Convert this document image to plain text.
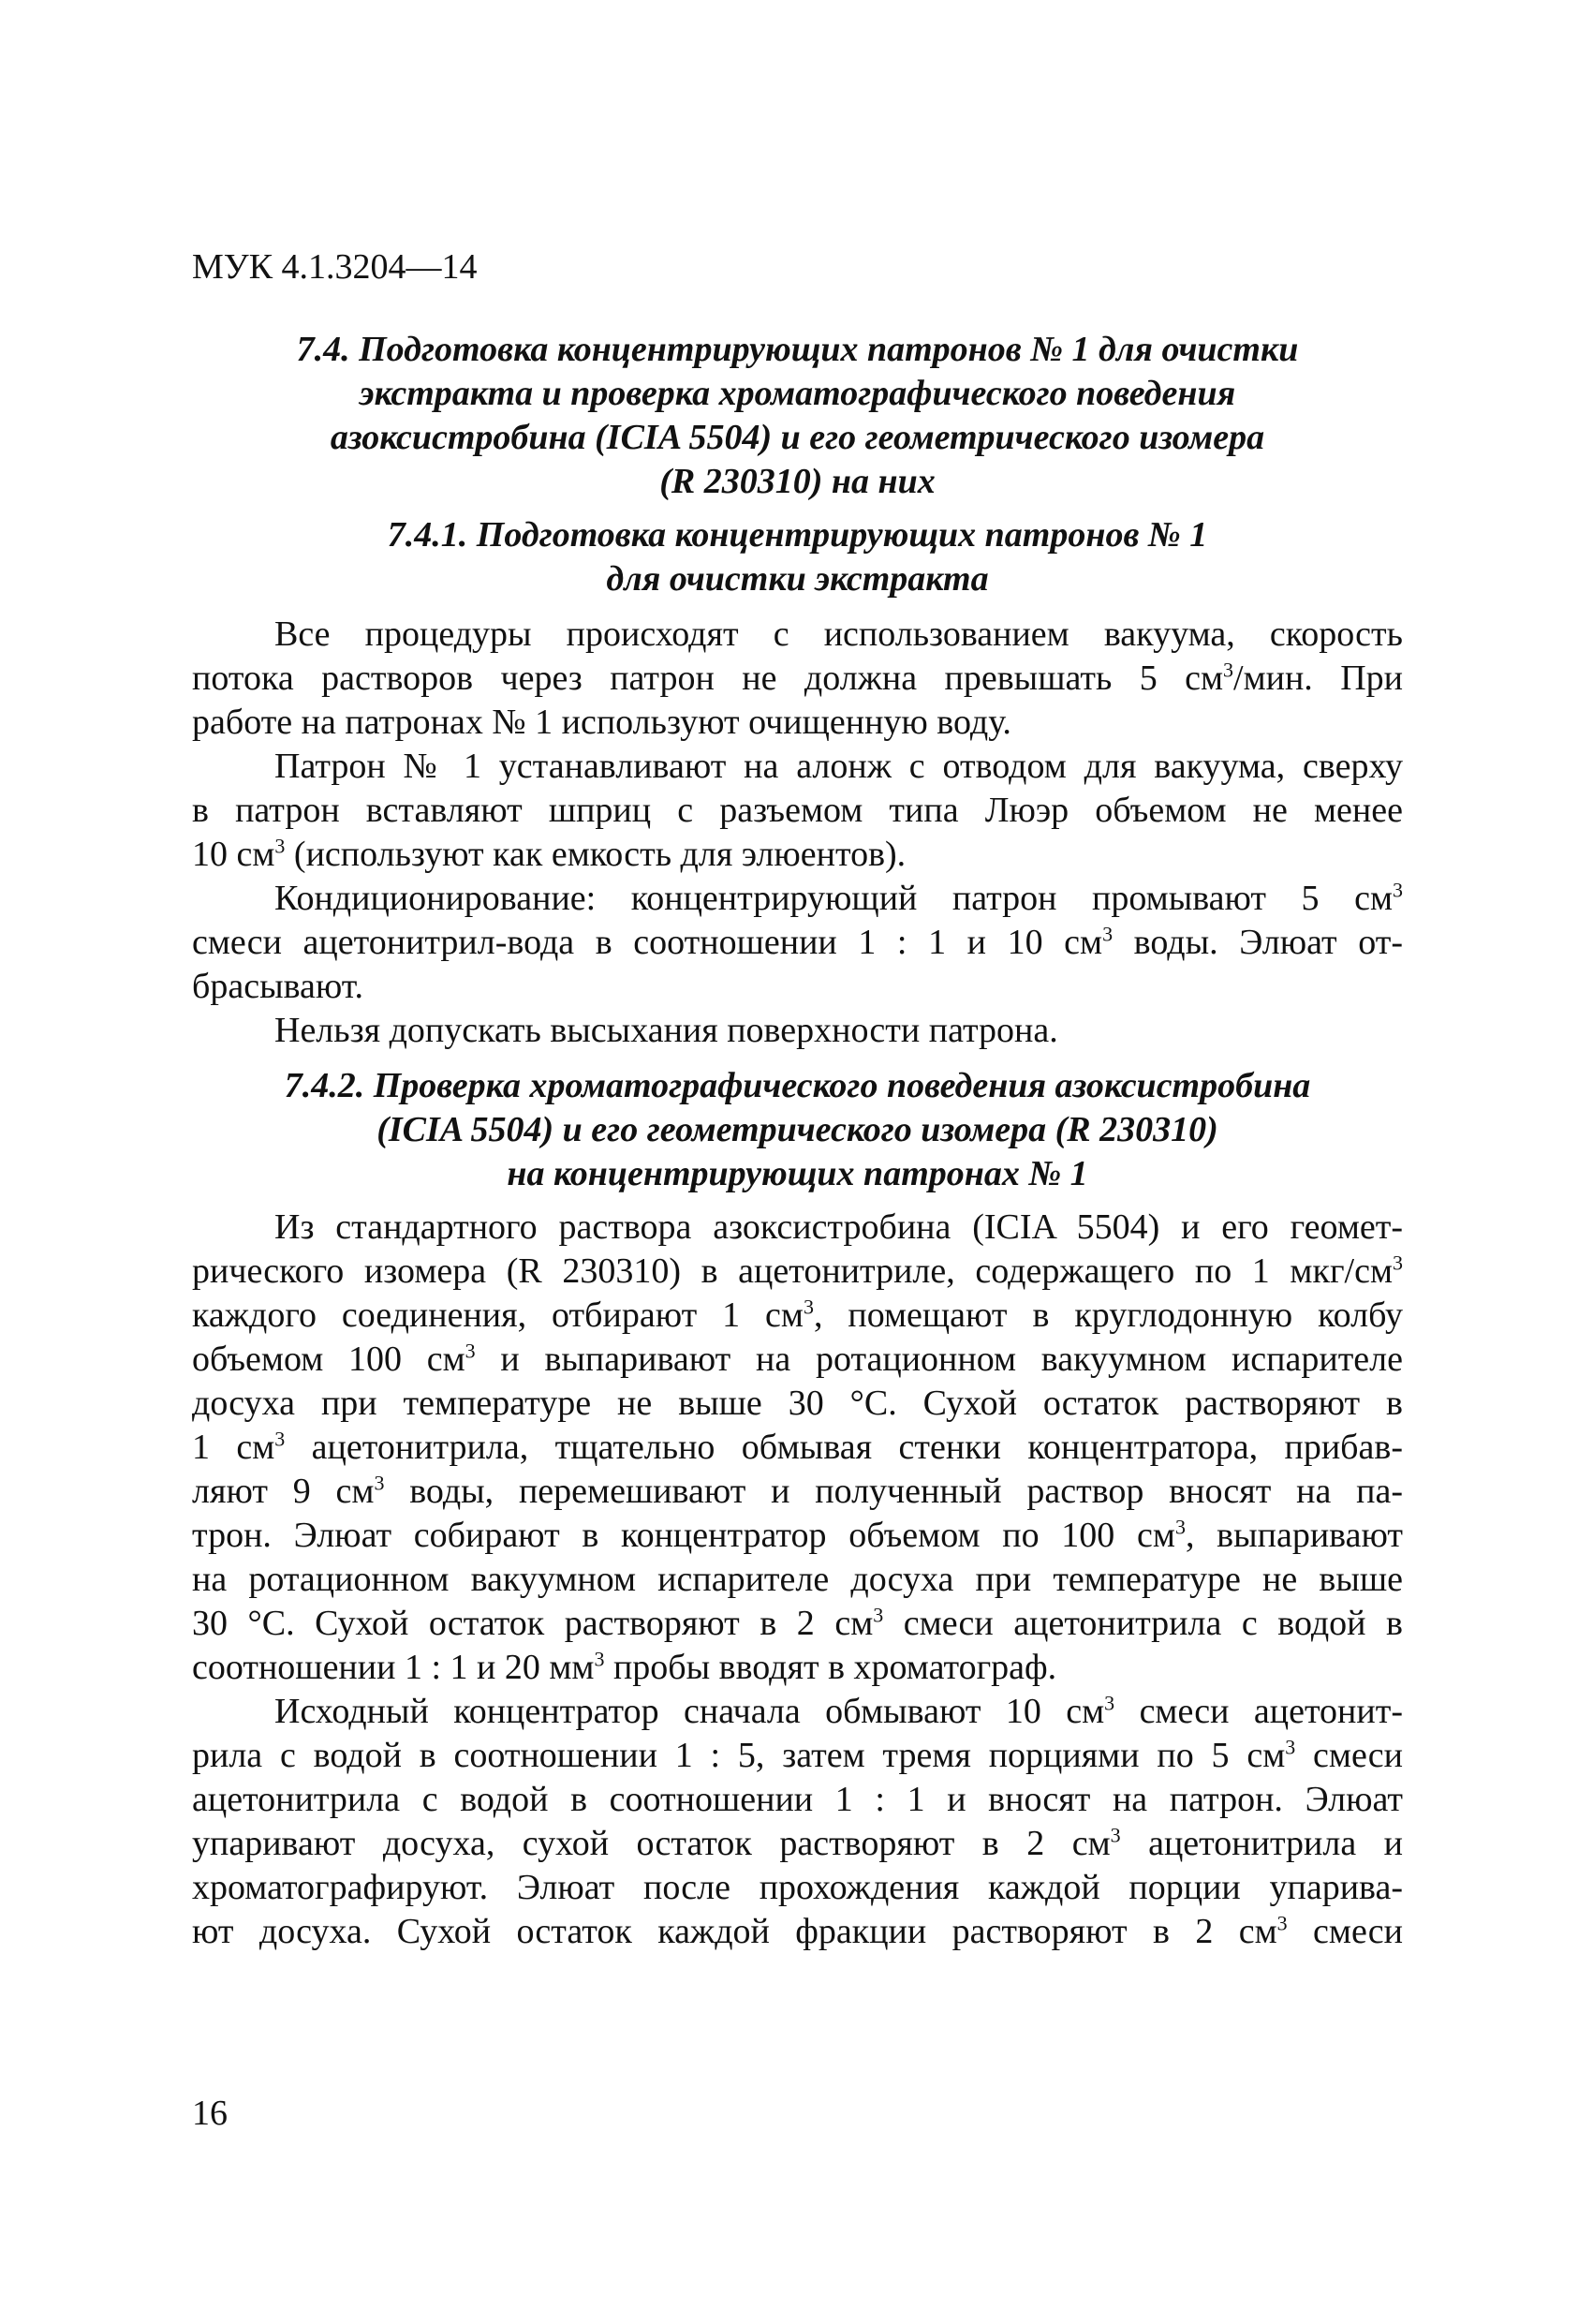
МУК 4.1.3204—14

7.4. Подготовка концентрирующих патронов № 1 для очистки
экстракта и проверка хроматографического поведения
азоксистробина (ICIA 5504) и его геометрического изомера
(R 230310) на них
7.4.1. Подготовка концентрирующих патронов № 1
для очистки экстракта

Все процедуры происходят с использованием вакуума, скорость
потока растворов через патрон не должна превышать 5 $см^3$/мин. При
работе на патронах № 1 используют очищенную воду.

Патрон № 1 устанавливают на алонж с отводом для вакуума, сверху
в патрон вставляют шприц с разъемом типа Люэр объемом не менее
10 $см^3$ (используют как емкость для элюентов).

Кондиционирование: концентрирующий патрон промывают 5 $см^3$
смеси ацетонитрил-вода в соотношении 1 : 1 и 10 $см^3$ воды. Элюат от-
брасывают.

Нельзя допускать высыхания поверхности патрона.

7.4.2. Проверка хроматографического поведения азоксистробина
(ICIA 5504) и его геометрического изомера (R 230310)
на концентрирующих патронах № 1

Из стандартного раствора азоксистробина (ICIA 5504) и его геомет-
рического изомера (R 230310) в ацетонитриле, содержащего по 1 мкг/$см^3$
каждого соединения, отбирают 1 $см^3$, помещают в круглодонную колбу
объемом 100 $см^3$ и выпаривают на ротационном вакуумном испарителе
досуха при температуре не выше 30 °С. Сухой остаток растворяют в
1 $см^3$ ацетонитрила, тщательно обмывая стенки концентратора, прибав-
ляют 9 $см^3$ воды, перемешивают и полученный раствор вносят на па-
трон. Элюат собирают в концентратор объемом по 100 $см^3$, выпаривают
на ротационном вакуумном испарителе досуха при температуре не выше
30 °С. Сухой остаток растворяют в 2 $см^3$ смеси ацетонитрила с водой в
соотношении 1 : 1 и 20 $мм^3$ пробы вводят в хроматограф.

Исходный концентратор сначала обмывают 10 $см^3$ смеси ацетонит-
рила с водой в соотношении 1 : 5, затем тремя порциями по 5 $см^3$ смеси
ацетонитрила с водой в соотношении 1 : 1 и вносят на патрон. Элюат
упаривают досуха, сухой остаток растворяют в 2 $см^3$ ацетонитрила и
хроматографируют. Элюат после прохождения каждой порции упарива-
ют досуха. Сухой остаток каждой фракции растворяют в 2 $см^3$ смеси

16
